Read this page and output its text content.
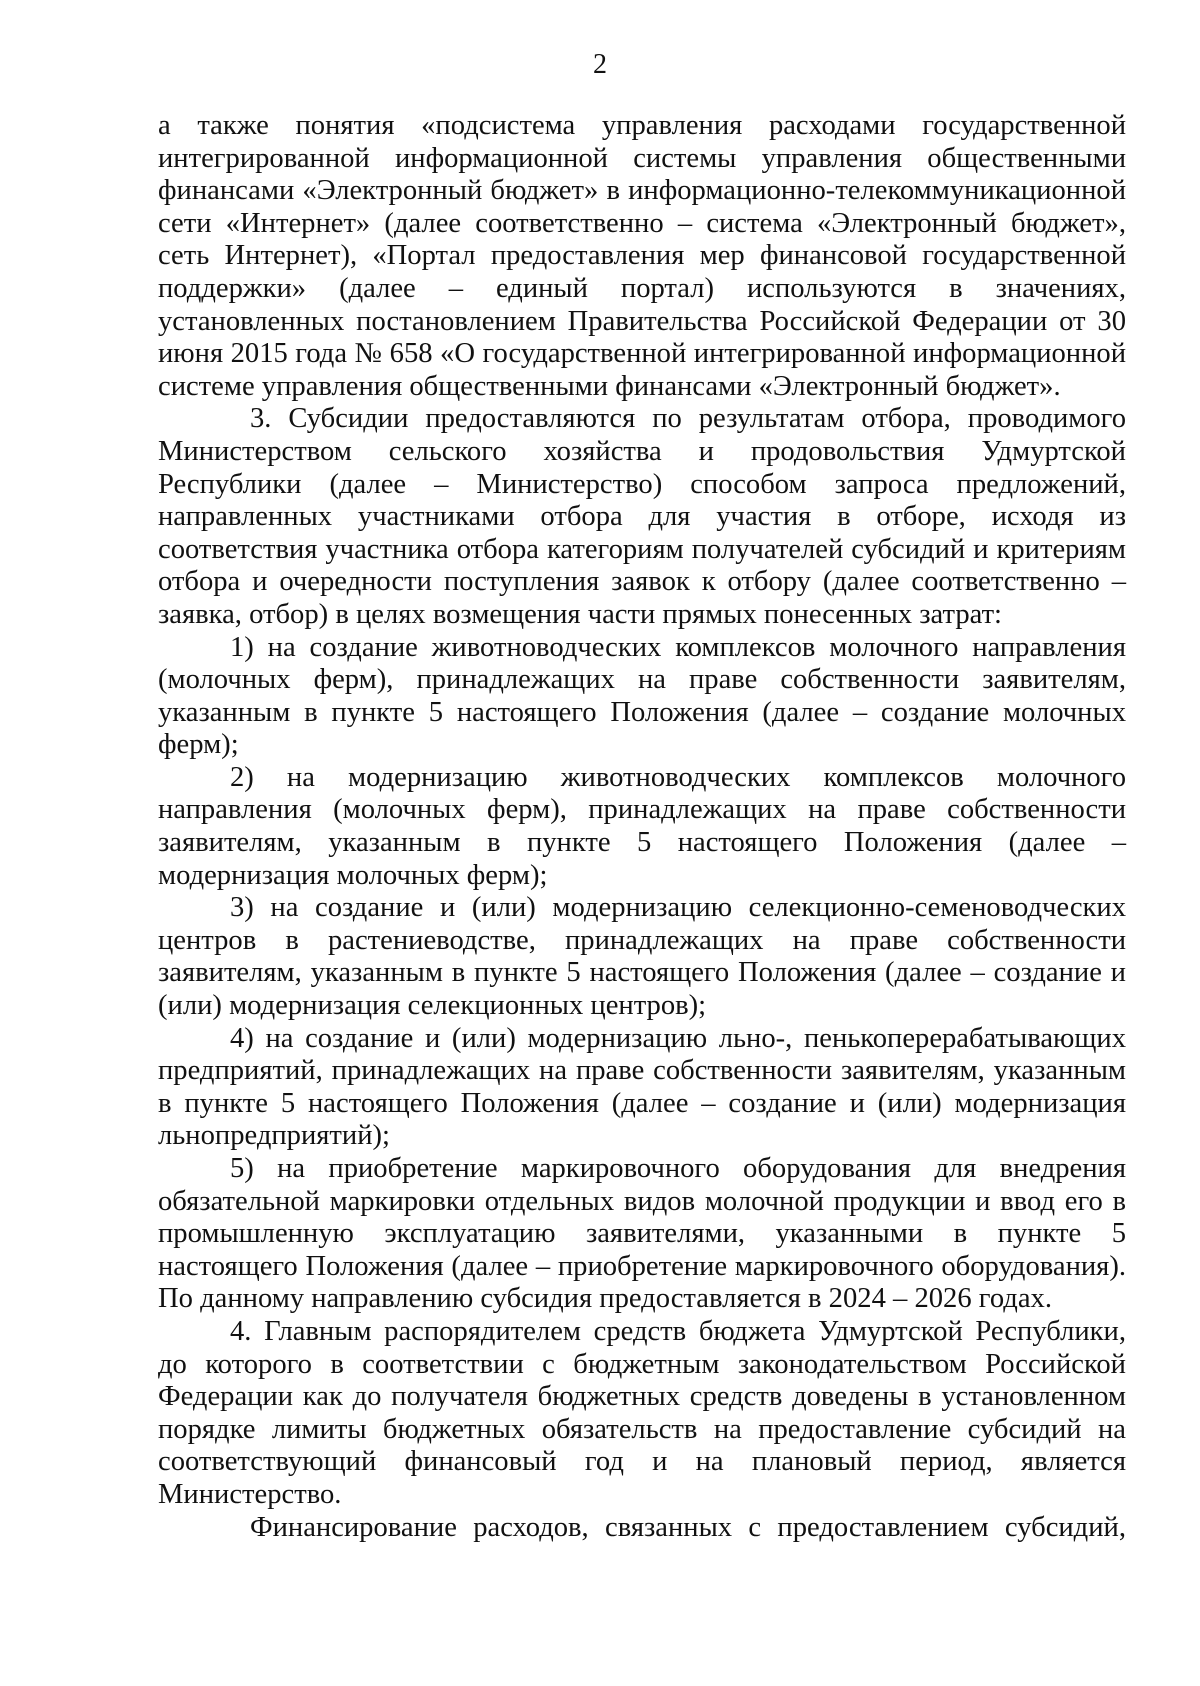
2

а также понятия «подсистема управления расходами государственной интегрированной информационной системы управления общественными финансами «Электронный бюджет» в информационно-телекоммуникационной сети «Интернет» (далее соответственно – система «Электронный бюджет», сеть Интернет), «Портал предоставления мер финансовой государственной поддержки» (далее – единый портал) используются в значениях, установленных постановлением Правительства Российской Федерации от 30 июня 2015 года № 658 «О государственной интегрированной информационной системе управления общественными финансами «Электронный бюджет».

3. Субсидии предоставляются по результатам отбора, проводимого Министерством сельского хозяйства и продовольствия Удмуртской Республики (далее – Министерство) способом запроса предложений, направленных участниками отбора для участия в отборе, исходя из соответствия участника отбора категориям получателей субсидий и критериям отбора и очередности поступления заявок к отбору (далее соответственно – заявка, отбор) в целях возмещения части прямых понесенных затрат:

1) на создание животноводческих комплексов молочного направления (молочных ферм), принадлежащих на праве собственности заявителям, указанным в пункте 5 настоящего Положения (далее – создание молочных ферм);

2) на модернизацию животноводческих комплексов молочного направления (молочных ферм), принадлежащих на праве собственности заявителям, указанным в пункте 5 настоящего Положения (далее – модернизация молочных ферм);

3) на создание и (или) модернизацию селекционно-семеноводческих центров в растениеводстве, принадлежащих на праве собственности заявителям, указанным в пункте 5 настоящего Положения (далее – создание и (или) модернизация селекционных центров);

4) на создание и (или) модернизацию льно-, пенькоперерабатывающих предприятий, принадлежащих на праве собственности заявителям, указанным в пункте 5 настоящего Положения (далее – создание и (или) модернизация льнопредприятий);

5) на приобретение маркировочного оборудования для внедрения обязательной маркировки отдельных видов молочной продукции и ввод его в промышленную эксплуатацию заявителями, указанными в пункте 5 настоящего Положения (далее – приобретение маркировочного оборудования). По данному направлению субсидия предоставляется в 2024 – 2026 годах.

4. Главным распорядителем средств бюджета Удмуртской Республики, до которого в соответствии с бюджетным законодательством Российской Федерации как до получателя бюджетных средств доведены в установленном порядке лимиты бюджетных обязательств на предоставление субсидий на соответствующий финансовый год и на плановый период, является Министерство.

Финансирование расходов, связанных с предоставлением субсидий,
